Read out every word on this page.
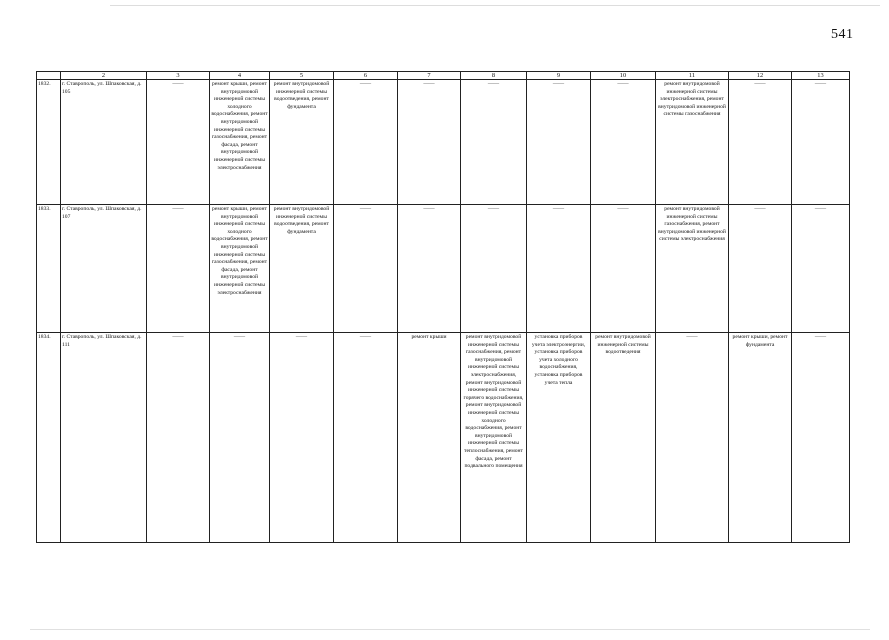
541
	2	3	4	5	6	7	8	9	10	11	12	13
1832.	г. Ставрополь, ул. Шпаковская, д. 105	——	ремонт крыши, ремонт внутридомовой инженерной системы холодного водоснабжения, ремонт внутридомовой инженерной системы газоснабжения, ремонт фасада, ремонт внутридомовой инженерной системы электроснабжения	ремонт внутридомовой инженерной системы водоотведения, ремонт фундамента	——	——	——	——	——	ремонт внутридомовой инженерной системы электроснабжения, ремонт внутридомовой инженерной системы газоснабжения	——	——
1833.	г. Ставрополь, ул. Шпаковская, д. 107	——	ремонт крыши, ремонт внутридомовой инженерной системы холодного водоснабжения, ремонт внутридомовой инженерной системы газоснабжения, ремонт фасада, ремонт внутридомовой инженерной системы электроснабжения	ремонт внутридомовой инженерной системы водоотведения, ремонт фундамента	——	——	——	——	——	ремонт внутридомовой инженерной системы газоснабжения, ремонт внутридомовой инженерной системы электроснабжения	——	——
1834.	г. Ставрополь, ул. Шпаковская, д. 111	——	——	——	——	ремонт крыши	ремонт внутридомовой инженерной системы газоснабжения, ремонт внутридомовой инженерной системы электроснабжения, ремонт внутридомовой инженерной системы горячего водоснабжения, ремонт внутридомовой инженерной системы холодного водоснабжения, ремонт внутридомовой инженерной системы теплоснабжения, ремонт фасада, ремонт подвального помещения	установка приборов учета электроэнергии, установка приборов учета холодного водоснабжения, установка приборов учета тепла	ремонт внутридомовой инженерной системы водоотведения	——	ремонт крыши, ремонт фундамента	——
